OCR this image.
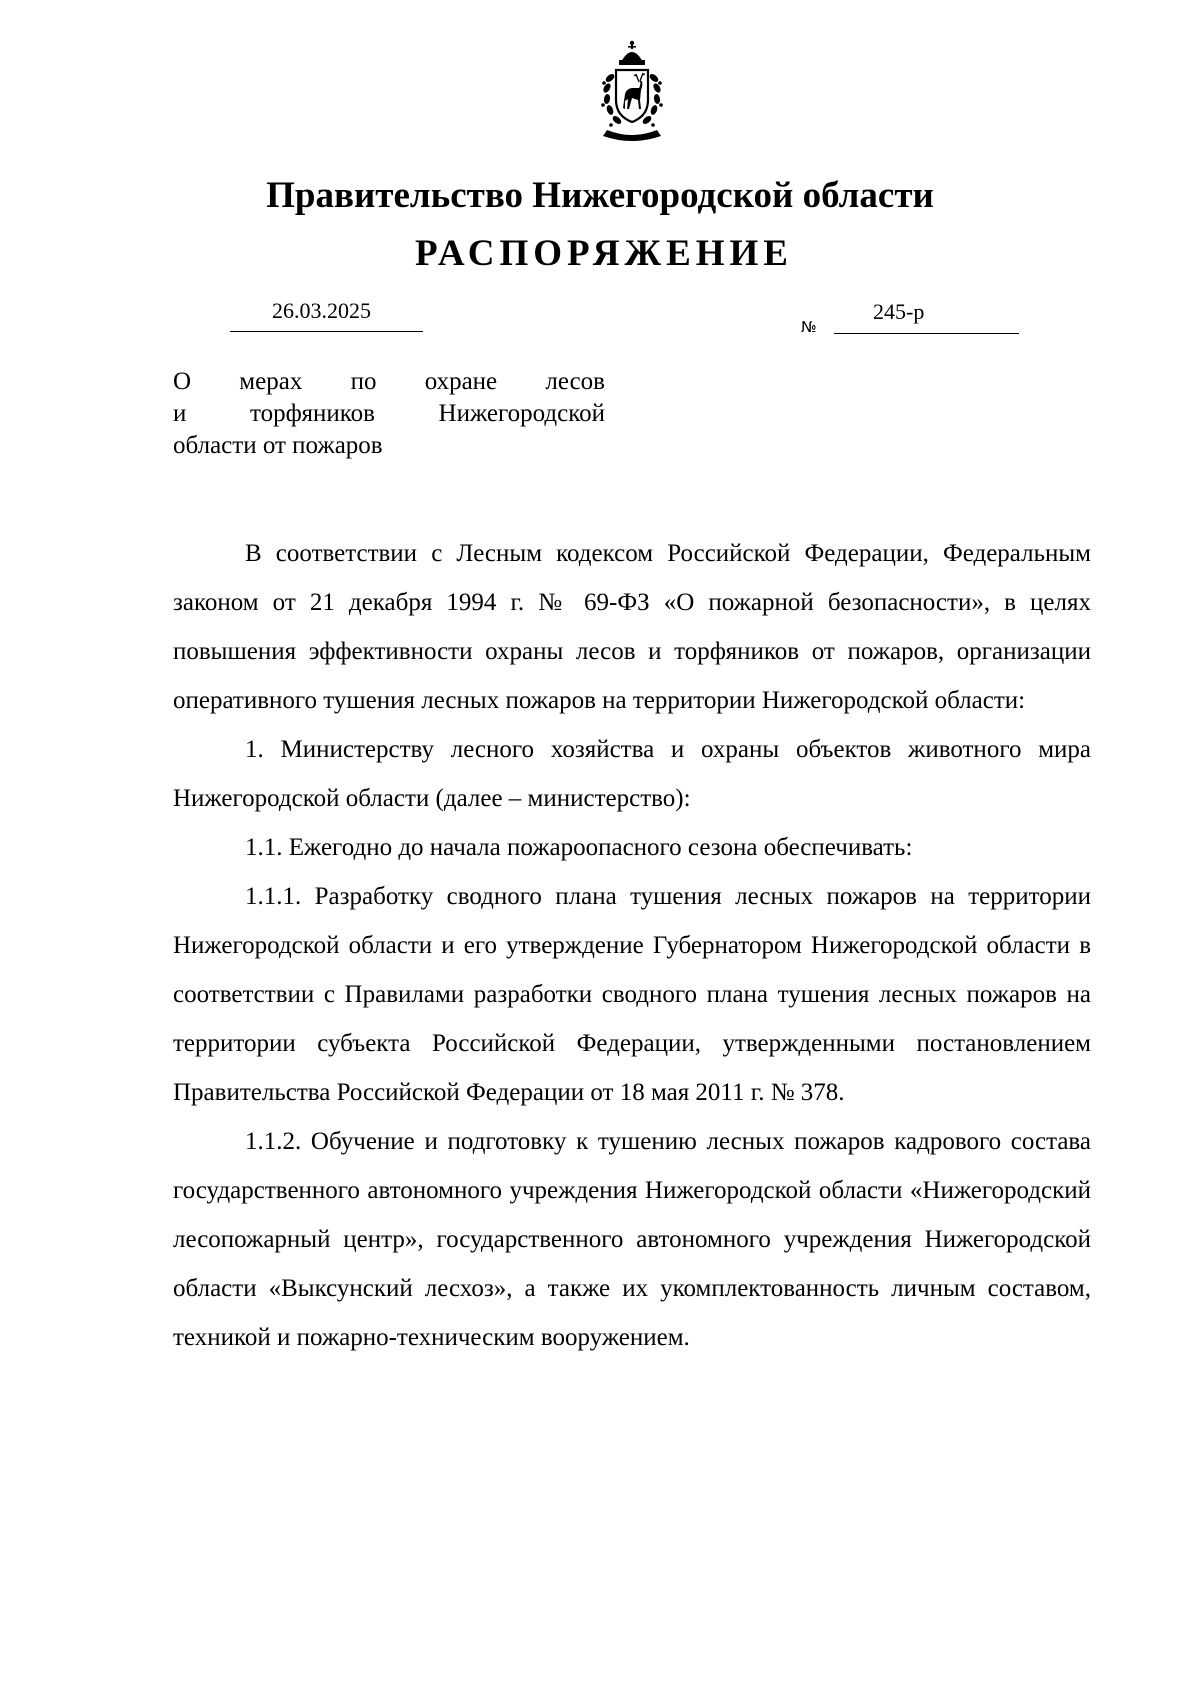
Правительство Нижегородской области
РАСПОРЯЖЕНИЕ
26.03.2025
№
245-р
О мерах по охране лесов
и торфяников Нижегородской
области от пожаров

В соответствии с Лесным кодексом Российской Федерации, Федеральным законом от 21 декабря 1994 г. № 69-ФЗ «О пожарной безопасности», в целях повышения эффективности охраны лесов и торфяников от пожаров, организации оперативного тушения лесных пожаров на территории Нижегородской области:

1. Министерству лесного хозяйства и охраны объектов животного мира Нижегородской области (далее – министерство):

1.1. Ежегодно до начала пожароопасного сезона обеспечивать:

1.1.1. Разработку сводного плана тушения лесных пожаров на территории Нижегородской области и его утверждение Губернатором Нижегородской области в соответствии с Правилами разработки сводного плана тушения лесных пожаров на территории субъекта Российской Федерации, утвержденными постановлением Правительства Российской Федерации от 18 мая 2011 г. № 378.

1.1.2. Обучение и подготовку к тушению лесных пожаров кадрового состава государственного автономного учреждения Нижегородской области «Нижегородский лесопожарный центр», государственного автономного учреждения Нижегородской области «Выксунский лесхоз», а также их укомплектованность личным составом, техникой и пожарно-техническим вооружением.
